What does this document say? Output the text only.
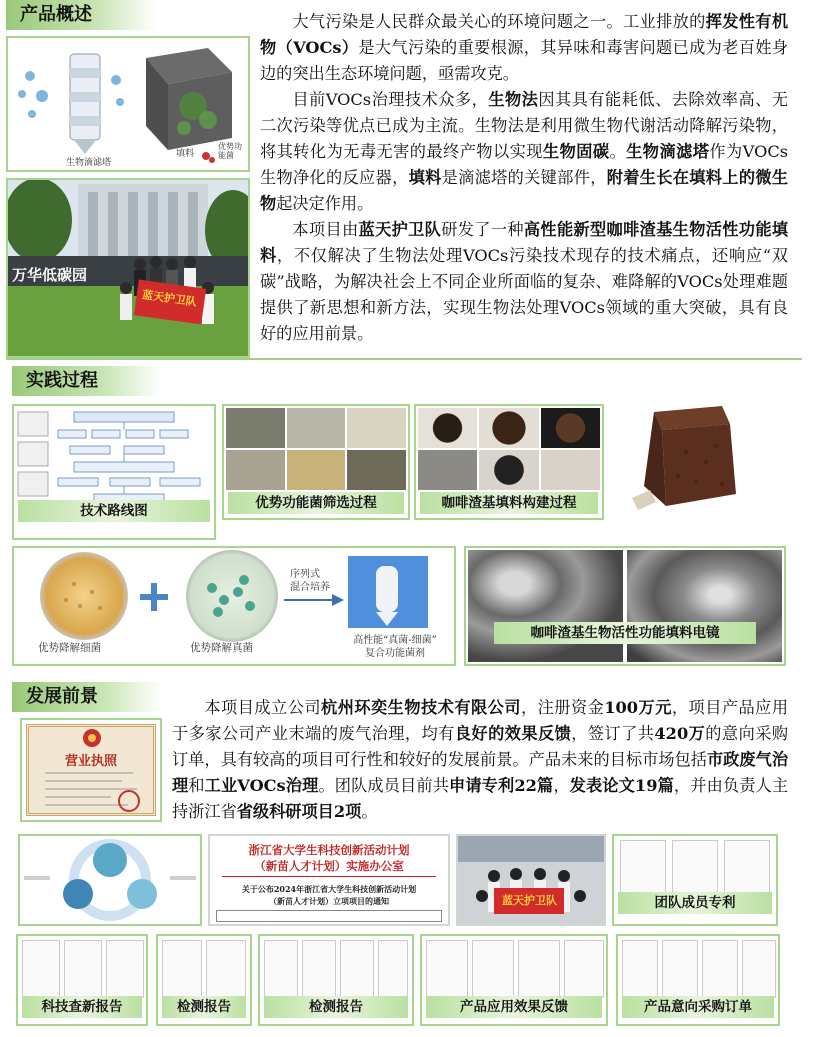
产品概述
生物滴滤塔
填料
优势功能菌
万华低碳园
蓝天护卫队

大气污染是人民群众最关心的环境问题之一。工业排放的挥发性有机物（VOCs）是大气污染的重要根源，其异味和毒害问题已成为老百姓身边的突出生态环境问题，亟需攻克。

目前VOCs治理技术众多，生物法因其具有能耗低、去除效率高、无二次污染等优点已成为主流。生物法是利用微生物代谢活动降解污染物，将其转化为无毒无害的最终产物以实现生物固碳。生物滴滤塔作为VOCs生物净化的反应器，填料是滴滤塔的关键部件，附着生长在填料上的微生物起决定作用。

本项目由蓝天护卫队研发了一种高性能新型咖啡渣基生物活性功能填料，不仅解决了生物法处理VOCs污染技术现存的技术痛点，还响应“双碳”战略，为解决社会上不同企业所面临的复杂、难降解的VOCs处理难题提供了新思想和新方法，实现生物法处理VOCs领域的重大突破，具有良好的应用前景。

实践过程
技术路线图	优势功能菌筛选过程	咖啡渣基填料构建过程
优势降解细菌	优势降解真菌
序列式
混合培养
高性能“真菌-细菌”
复合功能菌剂
咖啡渣基生物活性功能填料电镜
发展前景
营业执照

本项目成立公司杭州环奕生物技术有限公司，注册资金100万元，项目产品应用于多家公司产业末端的废气治理，均有良好的效果反馈，签订了共420万的意向采购订单，具有较高的项目可行性和较好的发展前景。产品未来的目标市场包括市政废气治理和工业VOCs治理。团队成员目前共申请专利22篇，发表论文19篇，并由负责人主持浙江省省级科研项目2项。

浙江省大学生科技创新活动计划
（新苗人才计划）实施办公室
关于公布2024年浙江省大学生科技创新活动计划
（新苗人才计划）立项项目的通知	蓝天护卫队	团队成员专利
科技查新报告	检测报告	检测报告	产品应用效果反馈	产品意向采购订单
